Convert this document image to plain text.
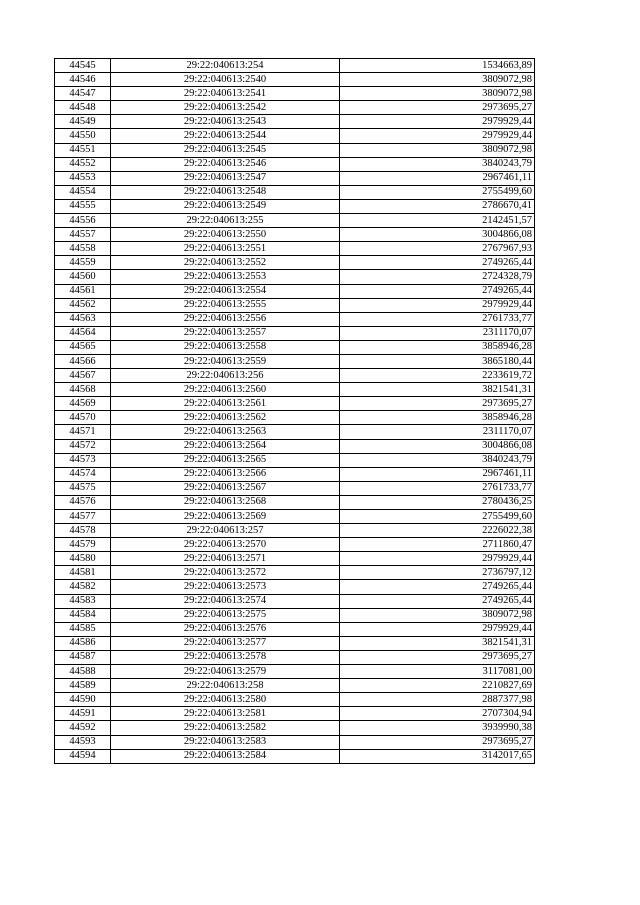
44545	29:22:040613:254	1534663,89
44546	29:22:040613:2540	3809072,98
44547	29:22:040613:2541	3809072,98
44548	29:22:040613:2542	2973695,27
44549	29:22:040613:2543	2979929,44
44550	29:22:040613:2544	2979929,44
44551	29:22:040613:2545	3809072,98
44552	29:22:040613:2546	3840243,79
44553	29:22:040613:2547	2967461,11
44554	29:22:040613:2548	2755499,60
44555	29:22:040613:2549	2786670,41
44556	29:22:040613:255	2142451,57
44557	29:22:040613:2550	3004866,08
44558	29:22:040613:2551	2767967,93
44559	29:22:040613:2552	2749265,44
44560	29:22:040613:2553	2724328,79
44561	29:22:040613:2554	2749265,44
44562	29:22:040613:2555	2979929,44
44563	29:22:040613:2556	2761733,77
44564	29:22:040613:2557	2311170,07
44565	29:22:040613:2558	3858946,28
44566	29:22:040613:2559	3865180,44
44567	29:22:040613:256	2233619,72
44568	29:22:040613:2560	3821541,31
44569	29:22:040613:2561	2973695,27
44570	29:22:040613:2562	3858946,28
44571	29:22:040613:2563	2311170,07
44572	29:22:040613:2564	3004866,08
44573	29:22:040613:2565	3840243,79
44574	29:22:040613:2566	2967461,11
44575	29:22:040613:2567	2761733,77
44576	29:22:040613:2568	2780436,25
44577	29:22:040613:2569	2755499,60
44578	29:22:040613:257	2226022,38
44579	29:22:040613:2570	2711860,47
44580	29:22:040613:2571	2979929,44
44581	29:22:040613:2572	2736797,12
44582	29:22:040613:2573	2749265,44
44583	29:22:040613:2574	2749265,44
44584	29:22:040613:2575	3809072,98
44585	29:22:040613:2576	2979929,44
44586	29:22:040613:2577	3821541,31
44587	29:22:040613:2578	2973695,27
44588	29:22:040613:2579	3117081,00
44589	29:22:040613:258	2210827,69
44590	29:22:040613:2580	2887377,98
44591	29:22:040613:2581	2707304,94
44592	29:22:040613:2582	3939990,38
44593	29:22:040613:2583	2973695,27
44594	29:22:040613:2584	3142017,65
